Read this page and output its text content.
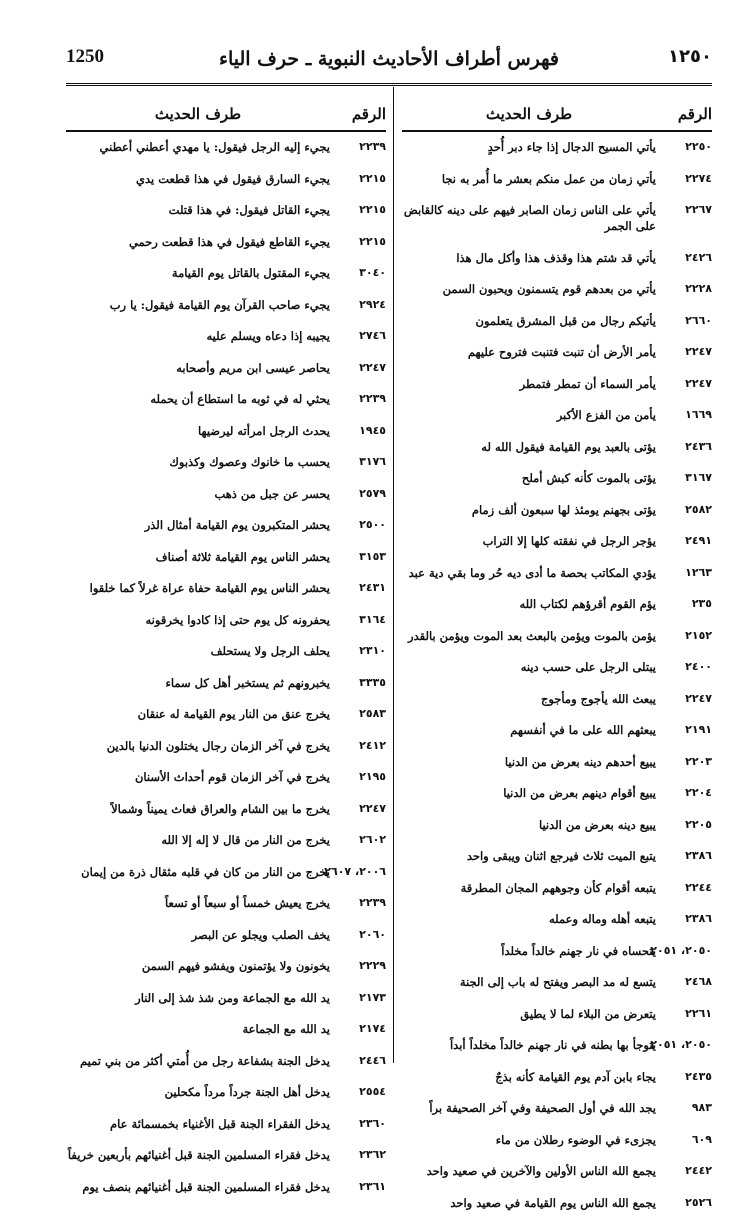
1250	فهرس أطراف الأحاديث النبوية ـ حرف الياء	١٢٥٠
الرقم
طرف الحديث
٢٢٥٠
يأتي المسيح الدجال إذا جاء دبر أُحدٍ
٢٢٧٤
يأتي زمان من عمل منكم بعشر ما أُمر به نجا
٢٢٦٧
يأتي على الناس زمان الصابر فيهم على دينه كالقابض على الجمر
٢٤٢٦
يأتي قد شتم هذا وقذف هذا وأكل مال هذا
٢٢٢٨
يأتي من بعدهم قوم يتسمنون ويحبون السمن
٢٦٦٠
يأتيكم رجال من قبل المشرق يتعلمون
٢٢٤٧
يأمر الأرض أن تنبت فتنبت فتروح عليهم
٢٢٤٧
يأمر السماء أن تمطر فتمطر
١٦٦٩
يأمن من الفزع الأكبر
٢٤٣٦
يؤتى بالعبد يوم القيامة فيقول الله له
٣١٦٧
يؤتى بالموت كأنه كبش أملح
٢٥٨٢
يؤتى بجهنم يومئذ لها سبعون ألف زمام
٢٤٩١
يؤجر الرجل في نفقته كلها إلا التراب
١٢٦٣
يؤدي المكاتب بحصة ما أدى ديه حُر وما بقي دية عبد
٢٣٥
يؤم القوم أقرؤهم لكتاب الله
٢١٥٢
يؤمن بالموت ويؤمن بالبعث بعد الموت ويؤمن بالقدر
٢٤٠٠
يبتلى الرجل على حسب دينه
٢٢٤٧
يبعث الله يأجوج ومأجوج
٢١٩١
يبعثهم الله على ما في أنفسهم
٢٢٠٣
يبيع أحدهم دينه بعرض من الدنيا
٢٢٠٤
يبيع أقوام دينهم بعرض من الدنيا
٢٢٠٥
يبيع دينه بعرض من الدنيا
٢٣٨٦
يتبع الميت ثلاث فيرجع اثنان ويبقى واحد
٢٢٤٤
يتبعه أقوام كأن وجوههم المجان المطرقة
٢٣٨٦
يتبعه أهله وماله وعمله
٢٠٥٠، ٢٠٥١
يتحساه في نار جهنم خالداً مخلداً
٢٤٦٨
يتسع له مد البصر ويفتح له باب إلى الجنة
٢٢٦١
يتعرض من البلاء لما لا يطيق
٢٠٥٠، ٢٠٥١
يتوجأ بها بطنه في نار جهنم خالداً مخلداً أبداً
٢٤٣٥
يجاء بابن آدم يوم القيامة كأنه بذجٌ
٩٨٣
يجد الله في أول الصحيفة وفي آخر الصحيفة براً
٦٠٩
يجزىء في الوضوء رطلان من ماء
٢٤٤٢
يجمع الله الناس الأولين والآخرين في صعيد واحد
٢٥٢٦
يجمع الله الناس يوم القيامة في صعيد واحد
الرقم
طرف الحديث
٢٢٣٩
يجيء إليه الرجل فيقول: يا مهدي أعطني أعطني
٢٢١٥
يجيء السارق فيقول في هذا قطعت يدي
٢٢١٥
يجيء القاتل فيقول: في هذا قتلت
٢٢١٥
يجيء القاطع فيقول في هذا قطعت رحمي
٣٠٤٠
يجيء المقتول بالقاتل يوم القيامة
٢٩٢٤
يجيء صاحب القرآن يوم القيامة فيقول: يا رب
٢٧٤٦
يجيبه إذا دعاه ويسلم عليه
٢٢٤٧
يحاصر عيسى ابن مريم وأصحابه
٢٢٣٩
يحثي له في ثوبه ما استطاع أن يحمله
١٩٤٥
يحدث الرجل امرأته ليرضيها
٣١٧٦
يحسب ما خانوك وعصوك وكذبوك
٢٥٧٩
يحسر عن جبل من ذهب
٢٥٠٠
يحشر المتكبرون يوم القيامة أمثال الذر
٣١٥٣
يحشر الناس يوم القيامة ثلاثة أصناف
٢٤٣١
يحشر الناس يوم القيامة حفاة عراة غرلاً كما خلقوا
٣١٦٤
يحفرونه كل يوم حتى إذا كادوا يخرقونه
٢٣١٠
يحلف الرجل ولا يستحلف
٣٣٣٥
يخبرونهم ثم يستخبر أهل كل سماء
٢٥٨٣
يخرج عنق من النار يوم القيامة له عنقان
٢٤١٢
يخرج في آخر الزمان رجال يختلون الدنيا بالدين
٢١٩٥
يخرج في آخر الزمان قوم أحداث الأسنان
٢٢٤٧
يخرج ما بين الشام والعراق فعاث يميناً وشمالاً
٢٦٠٢
يخرج من النار من قال لا إله إلا الله
٢٠٠٦، ٢٦٠٧
يخرج من النار من كان في قلبه مثقال ذرة من إيمان
٢٢٣٩
يخرج يعيش خمساً أو سبعاً أو تسعاً
٢٠٦٠
يخف الصلب ويجلو عن البصر
٢٢٢٩
يخونون ولا يؤتمنون ويفشو فيهم السمن
٢١٧٣
يد الله مع الجماعة ومن شذ شذ إلى النار
٢١٧٤
يد الله مع الجماعة
٢٤٤٦
يدخل الجنة بشفاعة رجل من أُمتي أكثر من بني تميم
٢٥٥٤
يدخل أهل الجنة جرداً مرداً مكحلين
٢٣٦٠
يدخل الفقراء الجنة قبل الأغنياء بخمسمائة عام
٢٣٦٢
يدخل فقراء المسلمين الجنة قبل أغنيائهم بأربعين خريفاً
٢٣٦١
يدخل فقراء المسلمين الجنة قبل أغنيائهم بنصف يوم
